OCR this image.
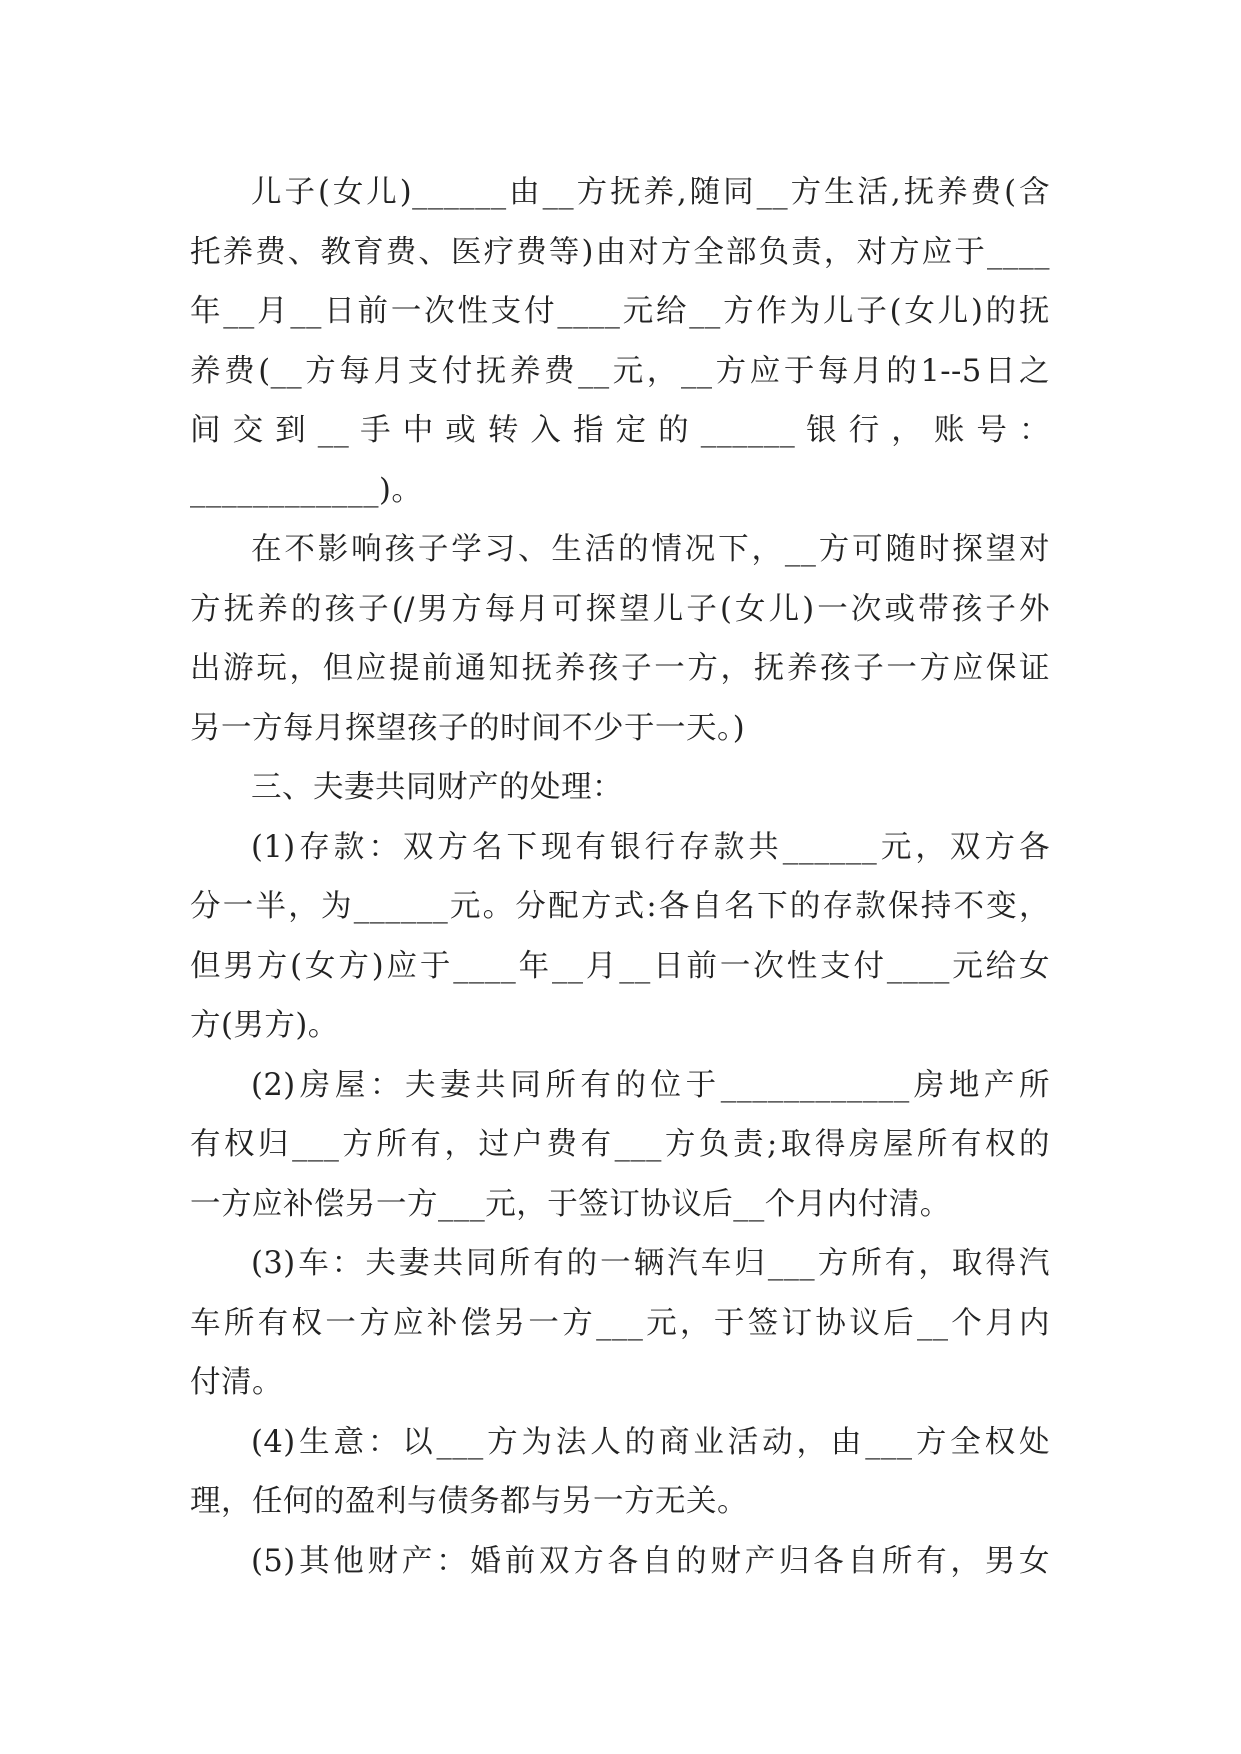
儿子(女儿)______由__方抚养,随同__方生活,抚养费(含
托养费、教育费、医疗费等)由对方全部负责，对方应于____
年__月__日前一次性支付____元给__方作为儿子(女儿)的抚
养费(__方每月支付抚养费__元，__方应于每月的1--5日之
间 交 到 __ 手 中 或 转 入 指 定 的 ______ 银 行 ， 账 号 ：
____________)。
在不影响孩子学习、生活的情况下，__方可随时探望对
方抚养的孩子(/男方每月可探望儿子(女儿)一次或带孩子外
出游玩，但应提前通知抚养孩子一方，抚养孩子一方应保证
另一方每月探望孩子的时间不少于一天。)
三、夫妻共同财产的处理：
(1)存款：双方名下现有银行存款共______元，双方各
分一半，为______元。分配方式:各自名下的存款保持不变，
但男方(女方)应于____年__月__日前一次性支付____元给女
方(男方)。
(2)房屋：夫妻共同所有的位于____________房地产所
有权归___方所有，过户费有___方负责;取得房屋所有权的
一方应补偿另一方___元，于签订协议后__个月内付清。
(3)车：夫妻共同所有的一辆汽车归___方所有，取得汽
车所有权一方应补偿另一方___元，于签订协议后__个月内
付清。
(4)生意：以___方为法人的商业活动，由___方全权处
理，任何的盈利与债务都与另一方无关。
(5)其他财产：婚前双方各自的财产归各自所有，男女
